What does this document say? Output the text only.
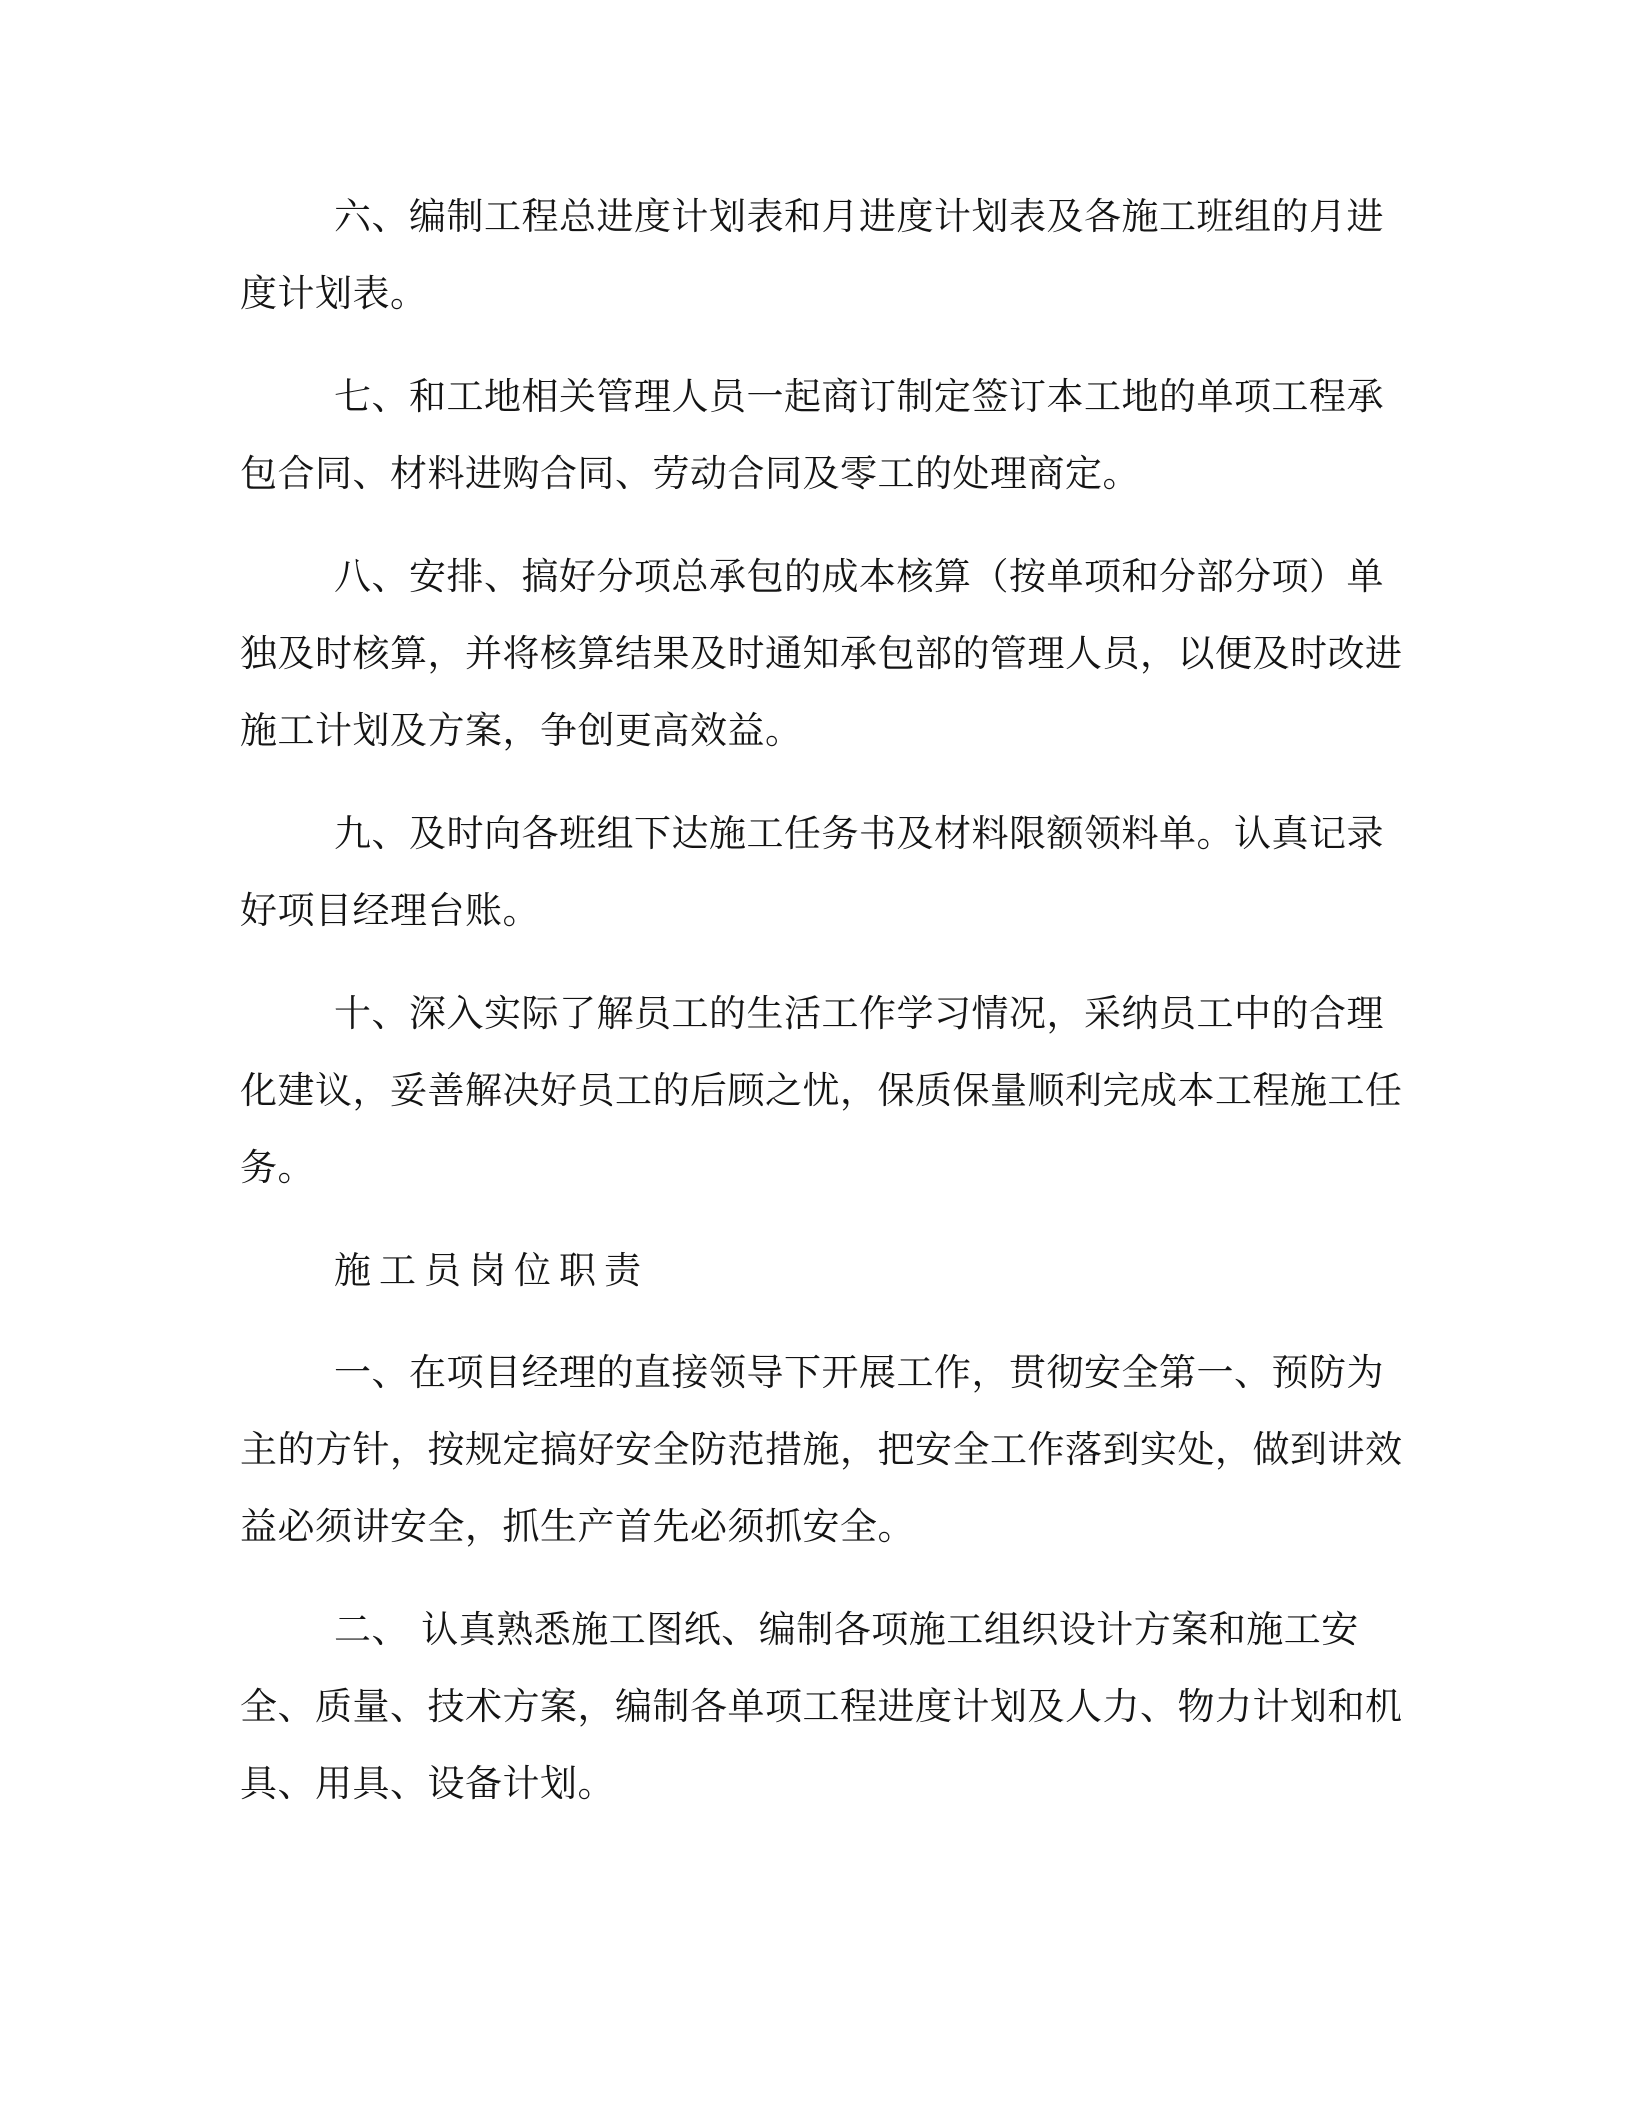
六、编制工程总进度计划表和月进度计划表及各施工班组的月进度计划表。

七、和工地相关管理人员一起商订制定签订本工地的单项工程承包合同、材料进购合同、劳动合同及零工的处理商定。

八、安排、搞好分项总承包的成本核算（按单项和分部分项）单独及时核算，并将核算结果及时通知承包部的管理人员，以便及时改进施工计划及方案，争创更高效益。

九、及时向各班组下达施工任务书及材料限额领料单。认真记录好项目经理台账。

十、深入实际了解员工的生活工作学习情况，采纳员工中的合理化建议，妥善解决好员工的后顾之忧，保质保量顺利完成本工程施工任务。

施工员岗位职责

一、在项目经理的直接领导下开展工作，贯彻安全第一、预防为主的方针，按规定搞好安全防范措施，把安全工作落到实处，做到讲效益必须讲安全，抓生产首先必须抓安全。

二、 认真熟悉施工图纸、编制各项施工组织设计方案和施工安全、质量、技术方案，编制各单项工程进度计划及人力、物力计划和机具、用具、设备计划。
